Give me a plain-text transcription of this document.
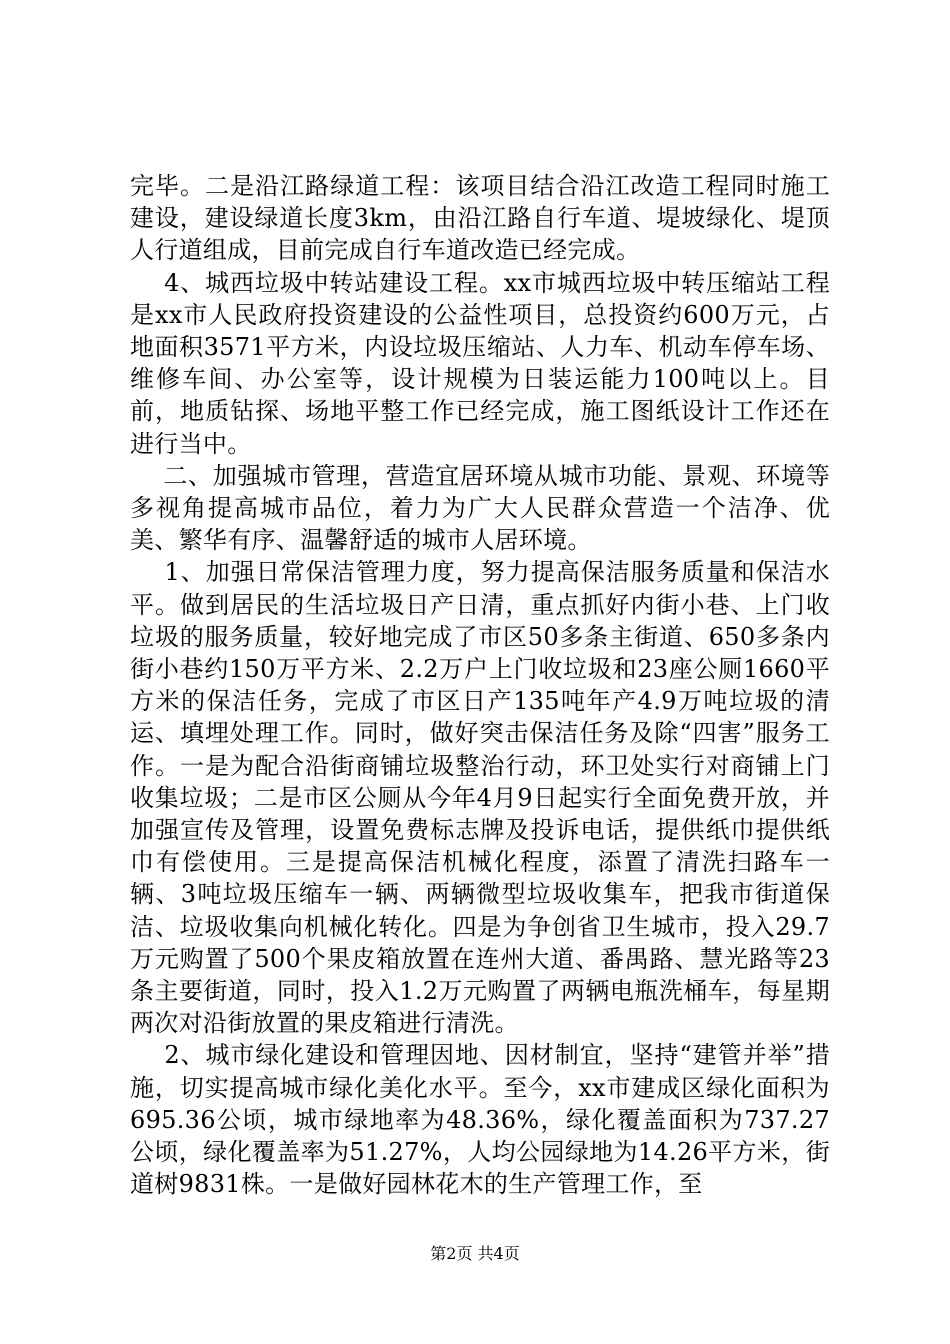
完毕。二是沿江路绿道工程：该项目结合沿江改造工程同时施工建设，建设绿道长度3km，由沿江路自行车道、堤坡绿化、堤顶人行道组成，目前完成自行车道改造已经完成。

4、城西垃圾中转站建设工程。xx市城西垃圾中转压缩站工程是xx市人民政府投资建设的公益性项目，总投资约600万元，占地面积3571平方米，内设垃圾压缩站、人力车、机动车停车场、维修车间、办公室等，设计规模为日装运能力100吨以上。目前，地质钻探、场地平整工作已经完成，施工图纸设计工作还在进行当中。

二、加强城市管理，营造宜居环境从城市功能、景观、环境等多视角提高城市品位，着力为广大人民群众营造一个洁净、优美、繁华有序、温馨舒适的城市人居环境。

1、加强日常保洁管理力度，努力提高保洁服务质量和保洁水平。做到居民的生活垃圾日产日清，重点抓好内街小巷、上门收垃圾的服务质量，较好地完成了市区50多条主街道、650多条内街小巷约150万平方米、2.2万户上门收垃圾和23座公厕1660平方米的保洁任务，完成了市区日产135吨年产4.9万吨垃圾的清运、填埋处理工作。同时，做好突击保洁任务及除“四害”服务工作。一是为配合沿街商铺垃圾整治行动，环卫处实行对商铺上门收集垃圾；二是市区公厕从今年4月9日起实行全面免费开放，并加强宣传及管理，设置免费标志牌及投诉电话，提供纸巾提供纸巾有偿使用。三是提高保洁机械化程度，添置了清洗扫路车一辆、3吨垃圾压缩车一辆、两辆微型垃圾收集车，把我市街道保洁、垃圾收集向机械化转化。四是为争创省卫生城市，投入29.7万元购置了500个果皮箱放置在连州大道、番禺路、慧光路等23条主要街道，同时，投入1.2万元购置了两辆电瓶洗桶车，每星期两次对沿街放置的果皮箱进行清洗。

2、城市绿化建设和管理因地、因材制宜，坚持“建管并举”措施，切实提高城市绿化美化水平。至今，xx市建成区绿化面积为695.36公顷，城市绿地率为48.36%，绿化覆盖面积为737.27公顷，绿化覆盖率为51.27%，人均公园绿地为14.26平方米，街道树9831株。一是做好园林花木的生产管理工作，至

第2页 共4页
